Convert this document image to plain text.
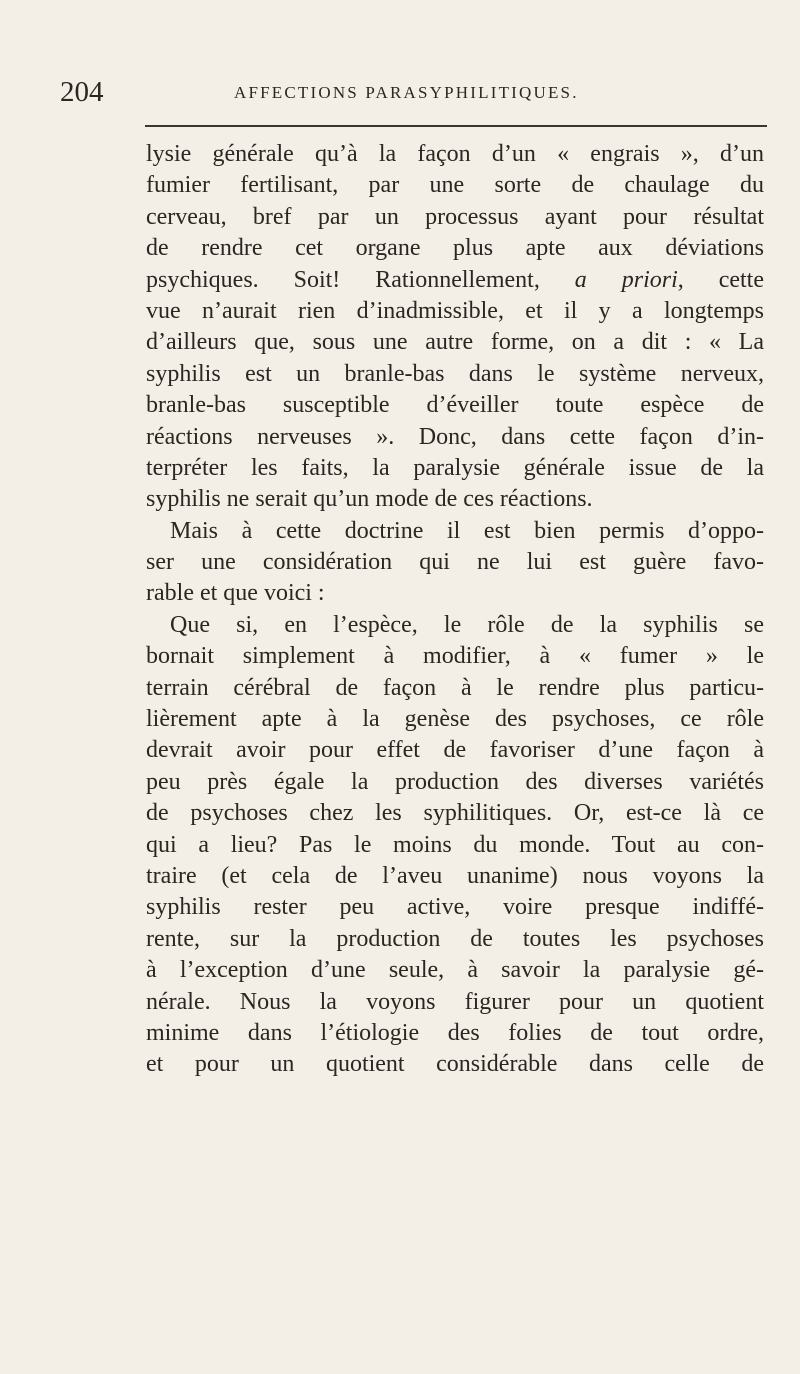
204	AFFECTIONS PARASYPHILITIQUES.
lysie générale qu’à la façon d’un « engrais », d’un
fumier fertilisant, par une sorte de chaulage du
cerveau, bref par un processus ayant pour résultat
de rendre cet organe plus apte aux déviations
psychiques. Soit! Rationnellement, a priori, cette
vue n’aurait rien d’inadmissible, et il y a longtemps
d’ailleurs que, sous une autre forme, on a dit : « La
syphilis est un branle-bas dans le système nerveux,
branle-bas susceptible d’éveiller toute espèce de
réactions nerveuses ». Donc, dans cette façon d’in-
terpréter les faits, la paralysie générale issue de la
syphilis ne serait qu’un mode de ces réactions.
Mais à cette doctrine il est bien permis d’oppo-
ser une considération qui ne lui est guère favo-
rable et que voici :
Que si, en l’espèce, le rôle de la syphilis se
bornait simplement à modifier, à « fumer » le
terrain cérébral de façon à le rendre plus particu-
lièrement apte à la genèse des psychoses, ce rôle
devrait avoir pour effet de favoriser d’une façon à
peu près égale la production des diverses variétés
de psychoses chez les syphilitiques. Or, est-ce là ce
qui a lieu? Pas le moins du monde. Tout au con-
traire (et cela de l’aveu unanime) nous voyons la
syphilis rester peu active, voire presque indiffé-
rente, sur la production de toutes les psychoses
à l’exception d’une seule, à savoir la paralysie gé-
nérale. Nous la voyons figurer pour un quotient
minime dans l’étiologie des folies de tout ordre,
et pour un quotient considérable dans celle de
